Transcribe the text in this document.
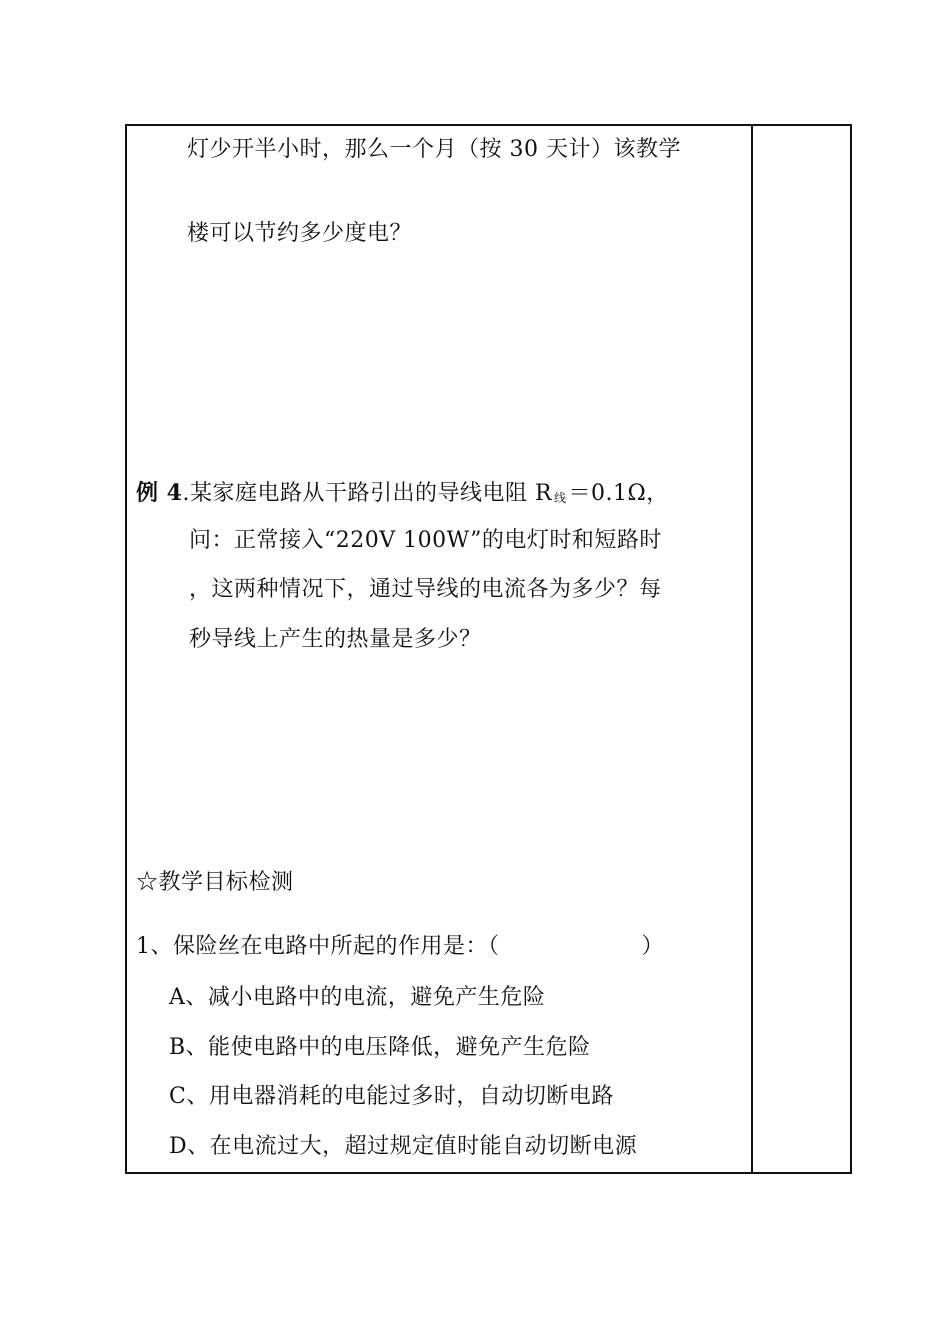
灯少开半小时，那么一个月（按 30 天计）该教学
楼可以节约多少度电？
例 4.某家庭电路从干路引出的导线电阻 R 线＝0.1Ω，
问：正常接入“220V 100W”的电灯时和短路时
，这两种情况下，通过导线的电流各为多少？每
秒导线上产生的热量是多少？
☆教学目标检测
1、保险丝在电路中所起的作用是：（	）
A、减小电路中的电流，避免产生危险
B、能使电路中的电压降低，避免产生危险
C、用电器消耗的电能过多时，自动切断电路
D、在电流过大，超过规定值时能自动切断电源
